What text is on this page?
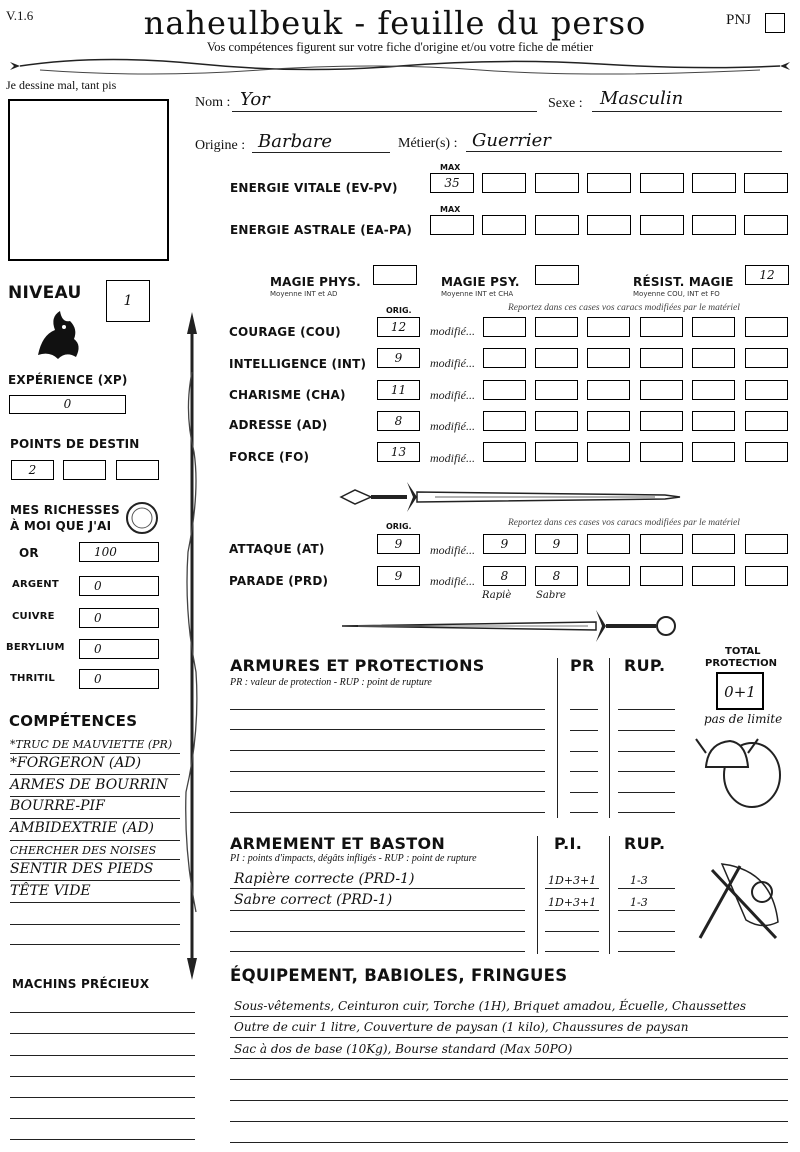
V.1.6	naheulbeuk - feuille du perso
Vos compétences figurent sur votre fiche d'origine et/ou votre fiche de métier
PNJ
Je dessine mal, tant pis
Nom : Yor	Sexe : Masculin
Origine : Barbare	Métier(s) : Guerrier
MAX
ENERGIE VITALE (EV-PV)	35
MAX
ENERGIE ASTRALE (EA-PA)
MAGIE PHYS.
Moyenne INT et AD
MAGIE PSY.
Moyenne INT et CHA
RÉSIST. MAGIE
Moyenne COU, INT et FO
12
NIVEAU	1
EXPÉRIENCE (XP)
0
POINTS DE DESTIN
2
MES RICHESSES
À MOI QUE J'AI
OR	100
ARGENT	0
CUIVRE	0
BERYLIUM	0
THRITIL	0
ORIG.	Reportez dans ces cases vos caracs modifiées par le matériel
COURAGE (COU)	12	modifié...
INTELLIGENCE (INT)	9	modifié...
CHARISME (CHA)	11	modifié...
ADRESSE (AD)	8	modifié...
FORCE (FO)	13	modifié...
ORIG.	Reportez dans ces cases vos caracs modifiées par le matériel
ATTAQUE (AT)	9	modifié...	9	9
PARADE (PRD)	9	modifié...	8	8
Rapiè Sabre
ARMURES ET PROTECTIONS
PR : valeur de protection - RUP : point de rupture
PR RUP.
TOTAL
PROTECTION
0+1
pas de limite
ARMEMENT ET BASTON
PI : points d'impacts, dégâts infligés - RUP : point de rupture
P.I.	RUP.
Rapière correcte (PRD-1)	1D+3+1	1-3
Sabre correct (PRD-1)	1D+3+1	1-3
COMPÉTENCES
*TRUC DE MAUVIETTE (PR)
*FORGERON (AD)
ARMES DE BOURRIN
BOURRE-PIF
AMBIDEXTRIE (AD)
CHERCHER DES NOISES
SENTIR DES PIEDS
TÊTE VIDE
MACHINS PRÉCIEUX	ÉQUIPEMENT, BABIOLES, FRINGUES
Sous-vêtements, Ceinturon cuir, Torche (1H), Briquet amadou, Écuelle, Chaussettes
Outre de cuir 1 litre, Couverture de paysan (1 kilo), Chaussures de paysan
Sac à dos de base (10Kg), Bourse standard (Max 50PO)
